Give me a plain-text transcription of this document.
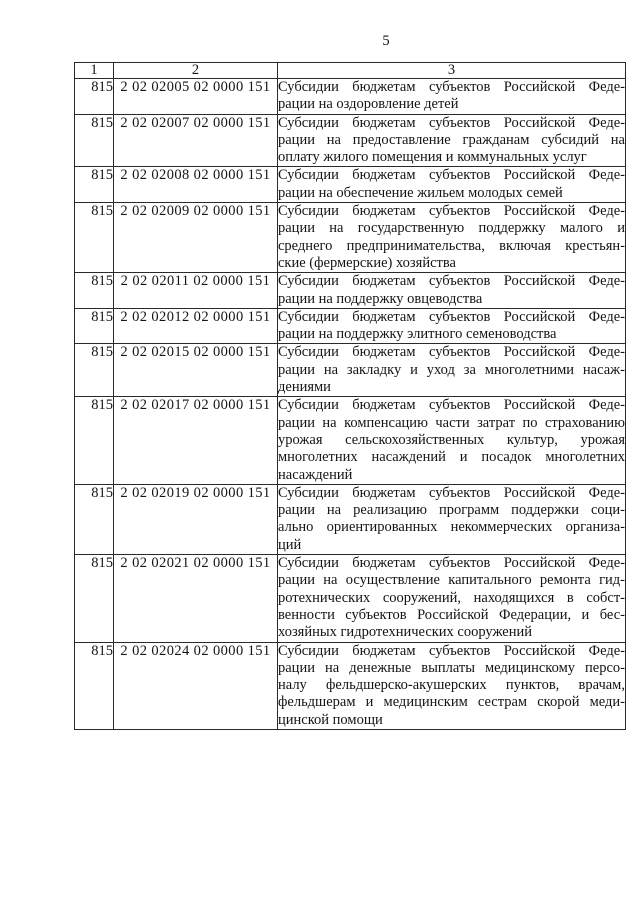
5
1	2	3
815	2 02 02005 02 0000 151	Субсидии бюджетам субъектов Российской Феде-
рации на оздоровление детей

815	2 02 02007 02 0000 151	Субсидии бюджетам субъектов Российской Феде-
рации на предоставление гражданам субсидий на
оплату жилого помещения и коммунальных услуг

815	2 02 02008 02 0000 151	Субсидии бюджетам субъектов Российской Феде-
рации на обеспечение жильем молодых семей

815	2 02 02009 02 0000 151	Субсидии бюджетам субъектов Российской Феде-
рации на государственную поддержку малого и
среднего предпринимательства, включая крестьян-
ские (фермерские) хозяйства

815	2 02 02011 02 0000 151	Субсидии бюджетам субъектов Российской Феде-
рации на поддержку овцеводства

815	2 02 02012 02 0000 151	Субсидии бюджетам субъектов Российской Феде-
рации на поддержку элитного семеноводства

815	2 02 02015 02 0000 151	Субсидии бюджетам субъектов Российской Феде-
рации на закладку и уход за многолетними насаж-
дениями

815	2 02 02017 02 0000 151	Субсидии бюджетам субъектов Российской Феде-
рации на компенсацию части затрат по страхованию
урожая сельскохозяйственных культур, урожая
многолетних насаждений и посадок многолетних
насаждений

815	2 02 02019 02 0000 151	Субсидии бюджетам субъектов Российской Феде-
рации на реализацию программ поддержки соци-
ально ориентированных некоммерческих организа-
ций

815	2 02 02021 02 0000 151	Субсидии бюджетам субъектов Российской Феде-
рации на осуществление капитального ремонта гид-
ротехнических сооружений, находящихся в собст-
венности субъектов Российской Федерации, и бес-
хозяйных гидротехнических сооружений

815	2 02 02024 02 0000 151	Субсидии бюджетам субъектов Российской Феде-
рации на денежные выплаты медицинскому персо-
налу фельдшерско-акушерских пунктов, врачам,
фельдшерам и медицинским сестрам скорой меди-
цинской помощи
